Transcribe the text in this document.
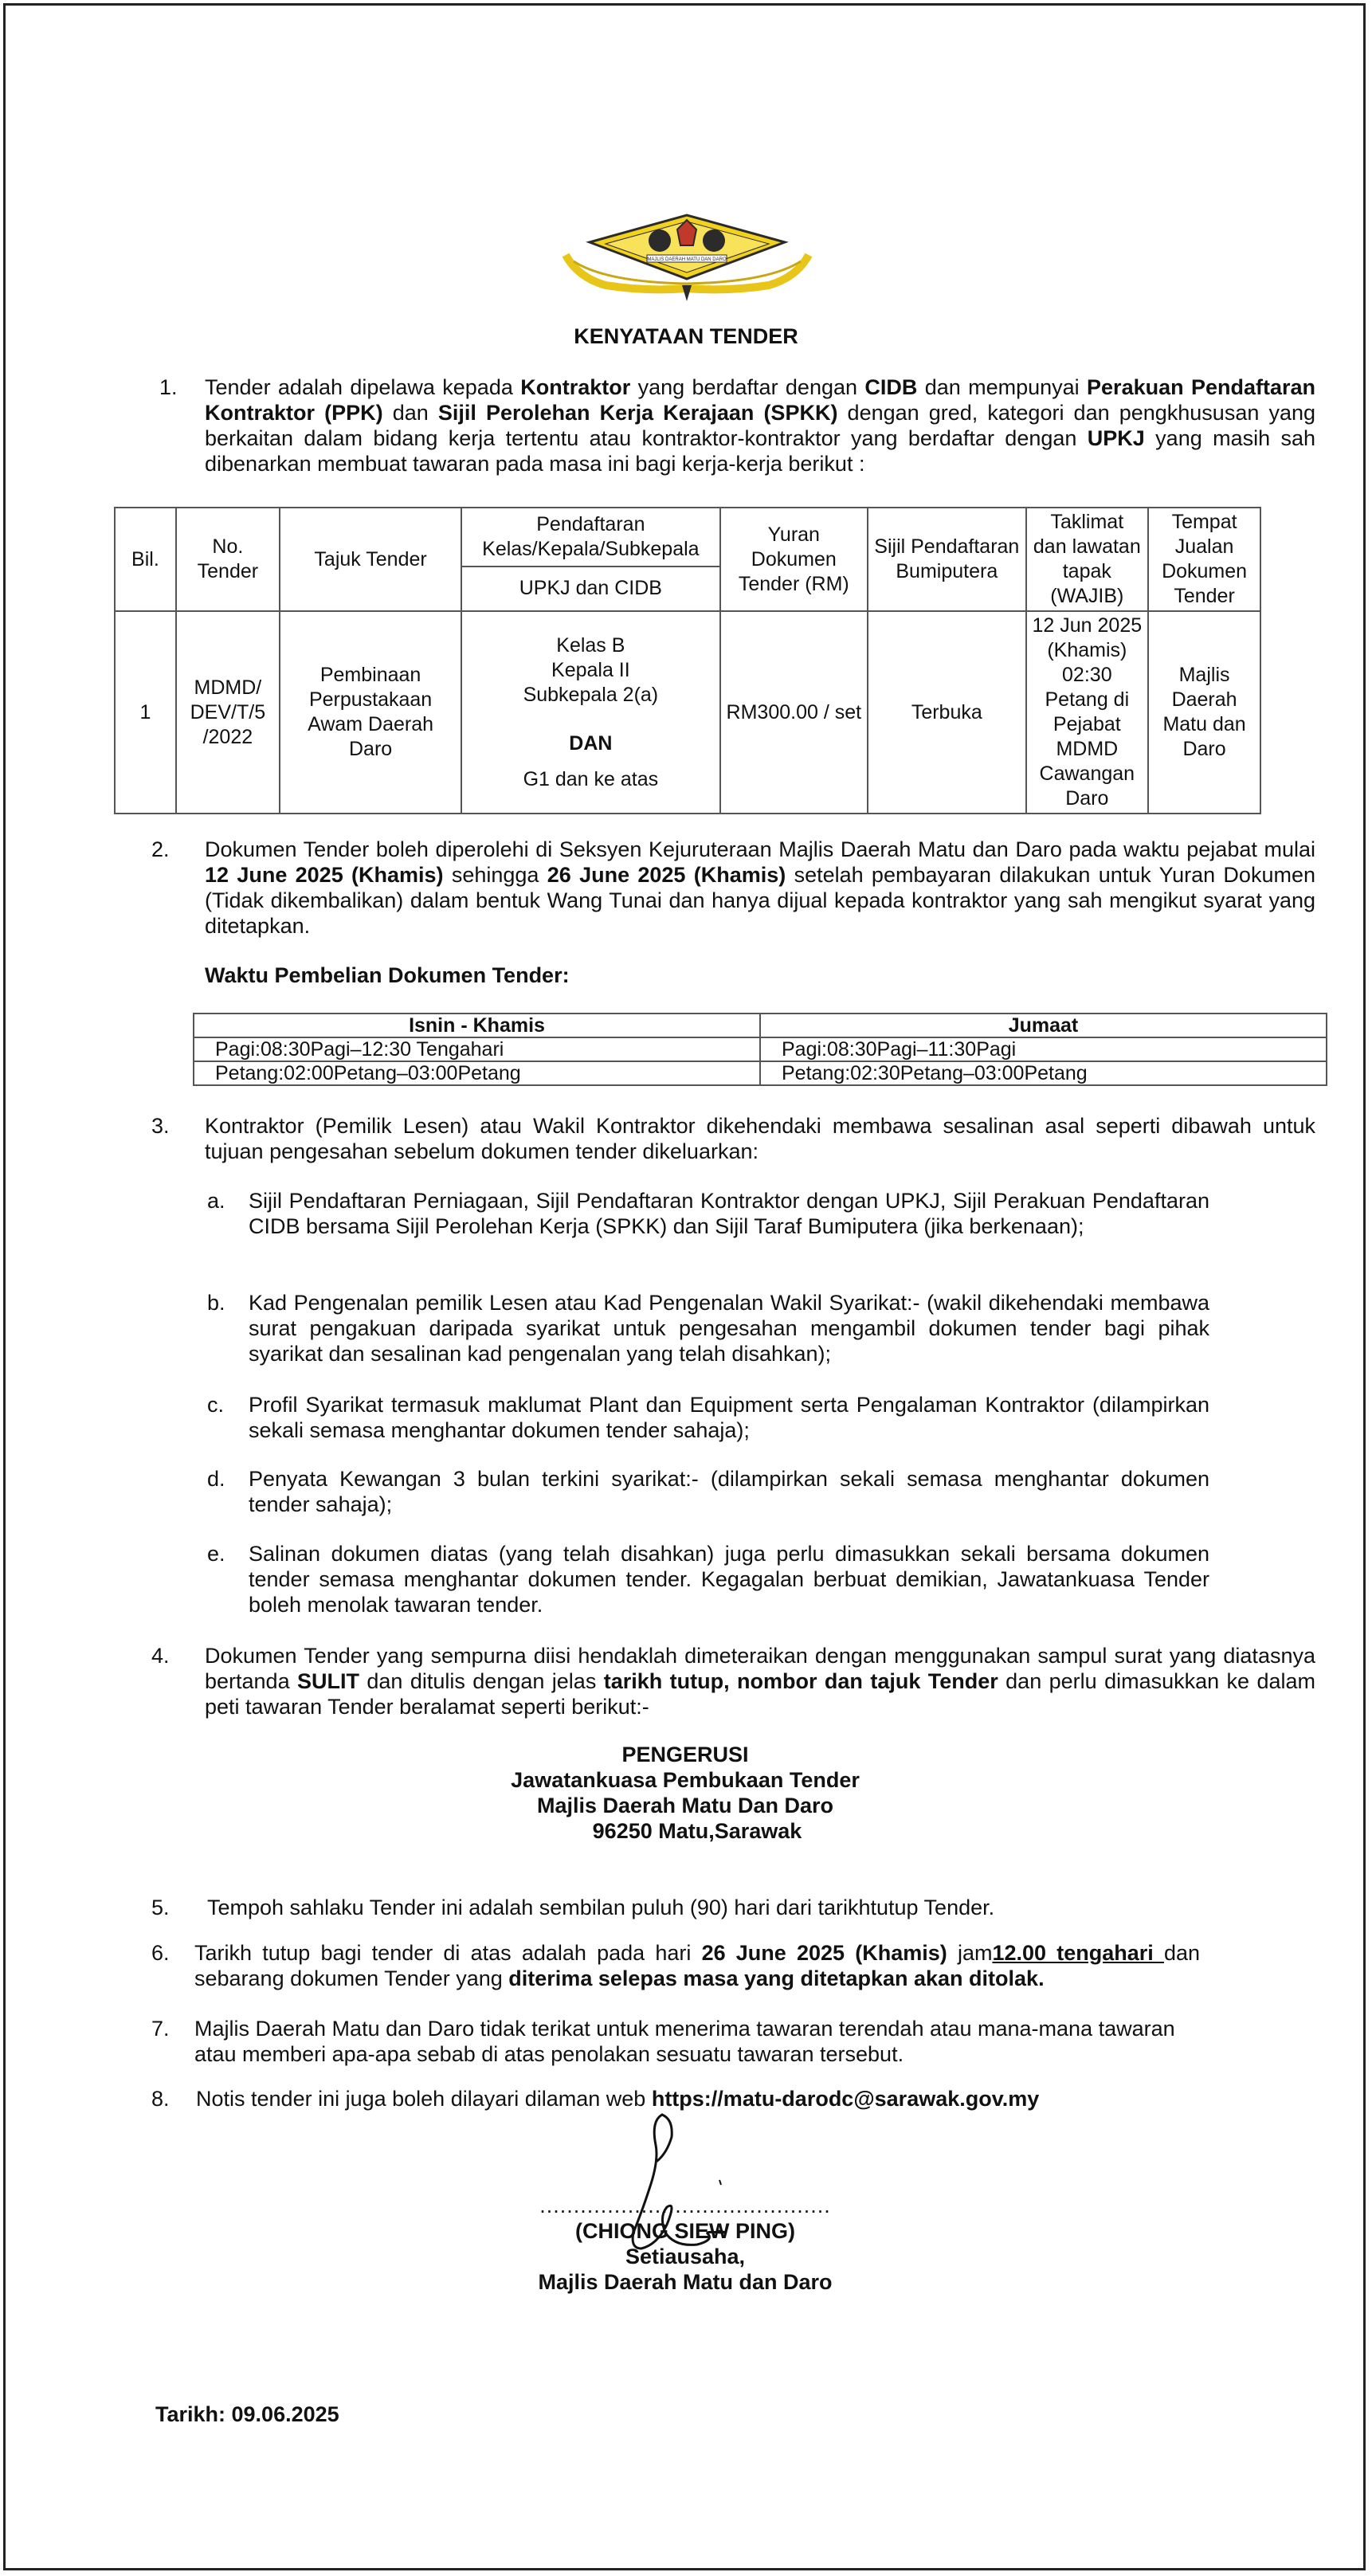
MAJLIS DAERAH MATU DAN DARO
KENYATAAN TENDER
1. Tender adalah dipelawa kepada Kontraktor yang berdaftar dengan CIDB dan mempunyai Perakuan Pendaftaran Kontraktor (PPK) dan Sijil Perolehan Kerja Kerajaan (SPKK) dengan gred, kategori dan pengkhususan yang berkaitan dalam bidang kerja tertentu atau kontraktor-kontraktor yang berdaftar dengan UPKJ yang masih sah dibenarkan membuat tawaran pada masa ini bagi kerja-kerja berikut :
Bil.	No. Tender	Tajuk Tender	Pendaftaran Kelas/Kepala/Subkepala	Yuran Dokumen Tender (RM)	Sijil Pendaftaran Bumiputera	Taklimat dan lawatan tapak (WAJIB)	Tempat Jualan Dokumen Tender
			UPKJ dan CIDB				
1	MDMD/ DEV/T/5 /2022	Pembinaan Perpustakaan Awam Daerah Daro	Kelas B
Kepala II
Subkepala 2(a)
DAN
G1 dan ke atas	RM300.00 / set	Terbuka	12 Jun 2025 (Khamis) 02:30 Petang di Pejabat MDMD Cawangan Daro	Majlis Daerah Matu dan Daro
2. Dokumen Tender boleh diperolehi di Seksyen Kejuruteraan Majlis Daerah Matu dan Daro pada waktu pejabat mulai 12 June 2025 (Khamis) sehingga 26 June 2025 (Khamis) setelah pembayaran dilakukan untuk Yuran Dokumen (Tidak dikembalikan) dalam bentuk Wang Tunai dan hanya dijual kepada kontraktor yang sah mengikut syarat yang ditetapkan.
Waktu Pembelian Dokumen Tender:
Isnin - Khamis	Jumaat
Pagi:08:30Pagi–12:30 Tengahari	Pagi:08:30Pagi–11:30Pagi
Petang:02:00Petang–03:00Petang	Petang:02:30Petang–03:00Petang
3. Kontraktor (Pemilik Lesen) atau Wakil Kontraktor dikehendaki membawa sesalinan asal seperti dibawah untuk tujuan pengesahan sebelum dokumen tender dikeluarkan:
a. Sijil Pendaftaran Perniagaan, Sijil Pendaftaran Kontraktor dengan UPKJ, Sijil Perakuan Pendaftaran CIDB bersama Sijil Perolehan Kerja (SPKK) dan Sijil Taraf Bumiputera (jika berkenaan);
b. Kad Pengenalan pemilik Lesen atau Kad Pengenalan Wakil Syarikat:- (wakil dikehendaki membawa surat pengakuan daripada syarikat untuk pengesahan mengambil dokumen tender bagi pihak syarikat dan sesalinan kad pengenalan yang telah disahkan);
c. Profil Syarikat termasuk maklumat Plant dan Equipment serta Pengalaman Kontraktor (dilampirkan sekali semasa menghantar dokumen tender sahaja);
d. Penyata Kewangan 3 bulan terkini syarikat:- (dilampirkan sekali semasa menghantar dokumen tender sahaja);
e. Salinan dokumen diatas (yang telah disahkan) juga perlu dimasukkan sekali bersama dokumen tender semasa menghantar dokumen tender. Kegagalan berbuat demikian, Jawatankuasa Tender boleh menolak tawaran tender.
4. Dokumen Tender yang sempurna diisi hendaklah dimeteraikan dengan menggunakan sampul surat yang diatasnya bertanda SULIT dan ditulis dengan jelas tarikh tutup, nombor dan tajuk Tender dan perlu dimasukkan ke dalam peti tawaran Tender beralamat seperti berikut:-
PENGERUSI
Jawatankuasa Pembukaan Tender
Majlis Daerah Matu Dan Daro
96250 Matu,Sarawak
5. Tempoh sahlaku Tender ini adalah sembilan puluh (90) hari dari tarikhtutup Tender.
6. Tarikh tutup bagi tender di atas adalah pada hari 26 June 2025 (Khamis) jam12.00 tengahari dan sebarang dokumen Tender yang diterima selepas masa yang ditetapkan akan ditolak.
7. Majlis Daerah Matu dan Daro tidak terikat untuk menerima tawaran terendah atau mana-mana tawaran atau memberi apa-apa sebab di atas penolakan sesuatu tawaran tersebut.
8. Notis tender ini juga boleh dilayari dilaman web https://matu-darodc@sarawak.gov.my
...........................................
(CHIONG SIEW PING)
Setiausaha,
Majlis Daerah Matu dan Daro
Tarikh: 09.06.2025
